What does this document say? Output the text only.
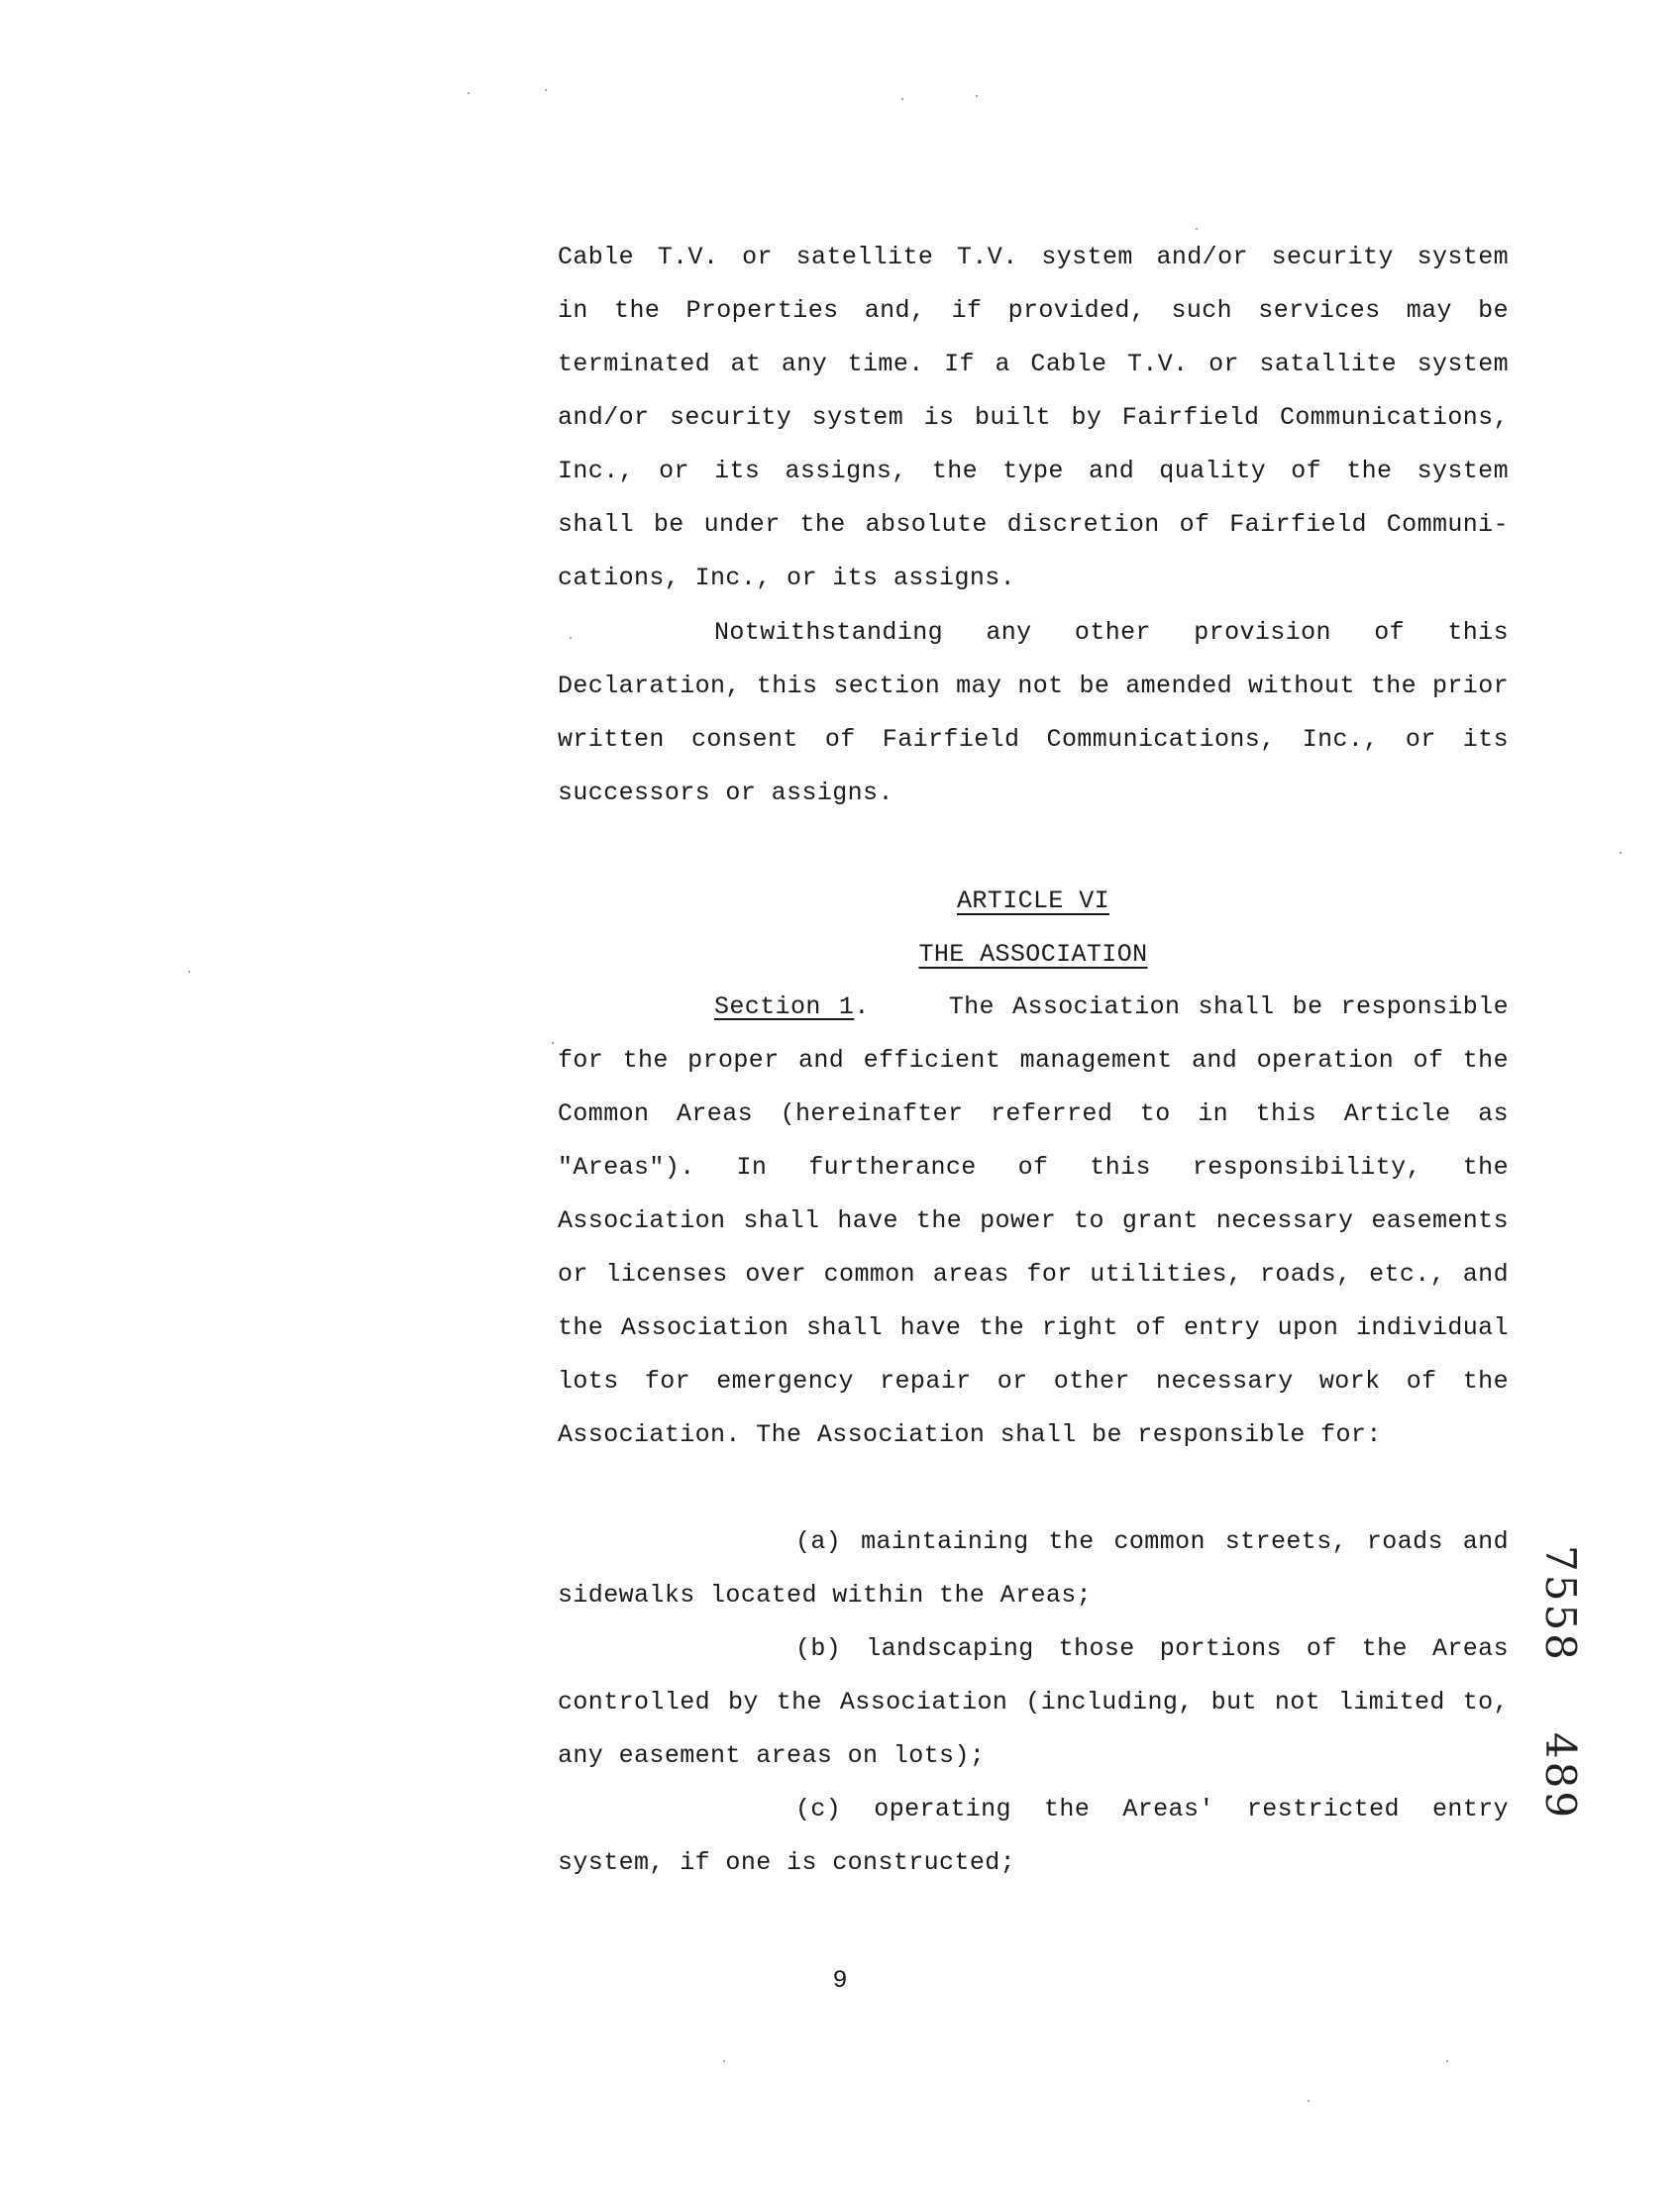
Cable T.V. or satellite T.V. system and/or security system
in the Properties and, if provided, such services may be
terminated at any time. If a Cable T.V. or satallite system
and/or security system is built by Fairfield Communications,
Inc., or its assigns, the type and quality of the system
shall be under the absolute discretion of Fairfield Communi-
cations, Inc., or its assigns.

Notwithstanding any other provision of this Declaration, this section may not be amended without the prior written consent of Fairfield Communications, Inc., or its successors or assigns.

ARTICLE VI
THE ASSOCIATION

Section 1.	The Association shall be responsible for the proper and efficient management and operation of the Common Areas (hereinafter referred to in this Article as "Areas"). In furtherance of this responsibility, the Association shall have the power to grant necessary easements or licenses over common areas for utilities, roads, etc., and the Association shall have the right of entry upon individual lots for emergency repair or other necessary work of the Association. The Association shall be responsible for:

(a) maintaining the common streets, roads and sidewalks located within the Areas;

(b) landscaping those portions of the Areas controlled by the Association (including, but not limited to, any easement areas on lots);

(c) operating the Areas' restricted entry system, if one is constructed;

9
7558489
